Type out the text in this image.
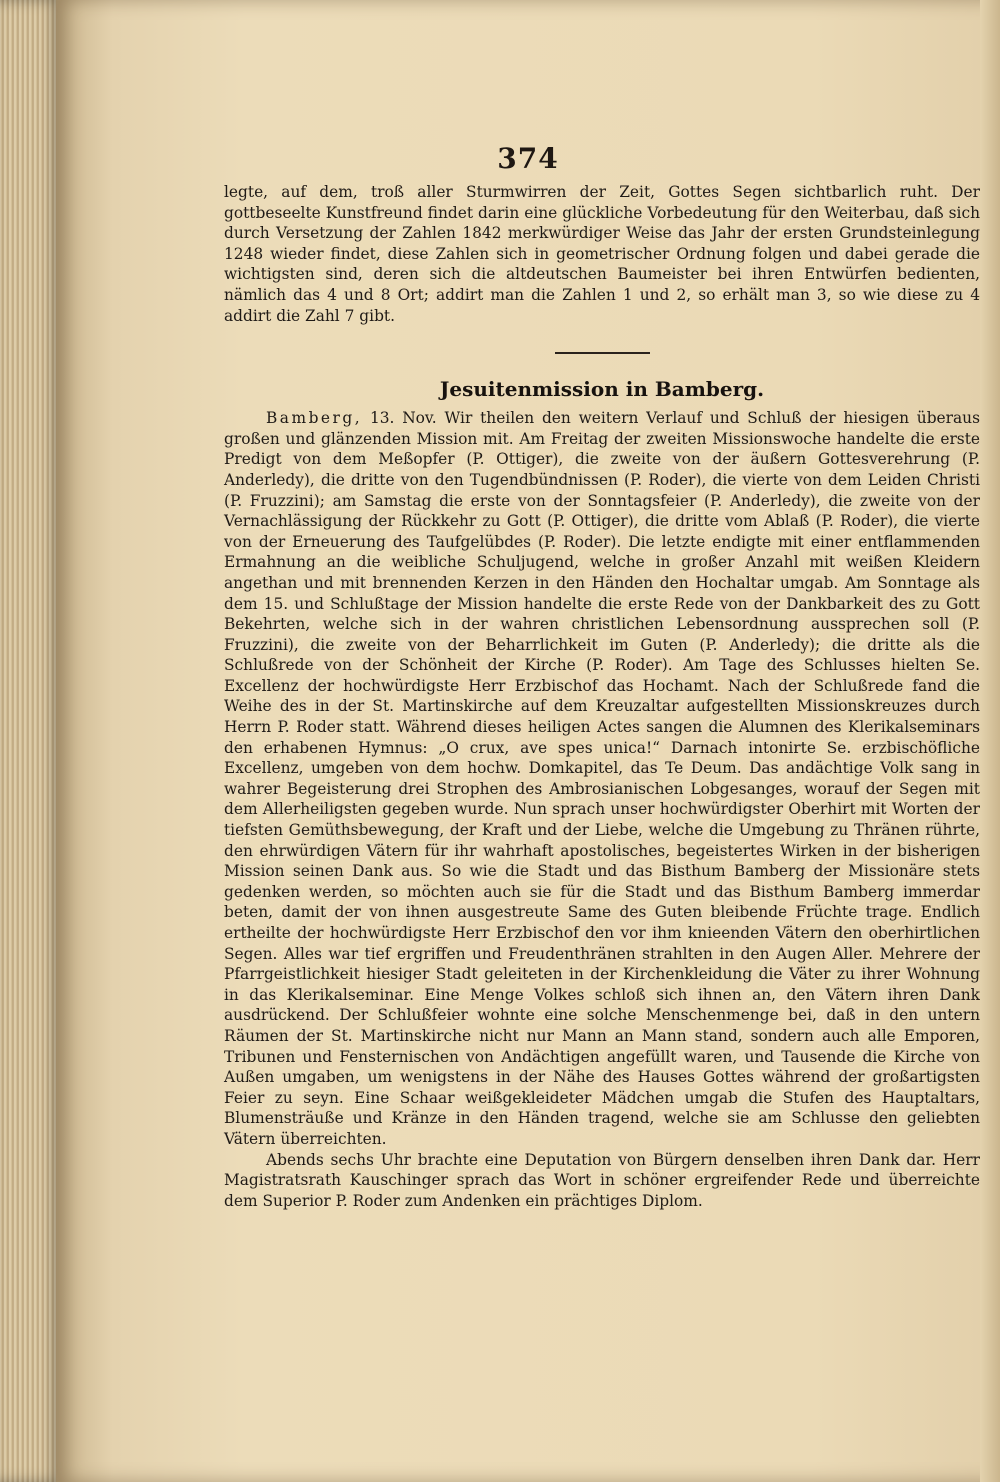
374

legte, auf dem, troß aller Sturmwirren der Zeit, Gottes Segen sichtbarlich ruht. Der gottbeseelte Kunstfreund findet darin eine glückliche Vorbedeutung für den Weiterbau, daß sich durch Versetzung der Zahlen 1842 merkwürdiger Weise das Jahr der ersten Grundsteinlegung 1248 wieder findet, diese Zahlen sich in geometrischer Ordnung folgen und dabei gerade die wichtigsten sind, deren sich die altdeutschen Baumeister bei ihren Entwürfen bedienten, nämlich das 4 und 8 Ort; addirt man die Zahlen 1 und 2, so erhält man 3, so wie diese zu 4 addirt die Zahl 7 gibt.

Jesuitenmission in Bamberg.

Bamberg, 13. Nov. Wir theilen den weitern Verlauf und Schluß der hiesigen überaus großen und glänzenden Mission mit. Am Freitag der zweiten Missionswoche handelte die erste Predigt von dem Meßopfer (P. Ottiger), die zweite von der äußern Gottesverehrung (P. Anderledy), die dritte von den Tugendbündnissen (P. Roder), die vierte von dem Leiden Christi (P. Fruzzini); am Samstag die erste von der Sonntagsfeier (P. Anderledy), die zweite von der Vernachlässigung der Rückkehr zu Gott (P. Ottiger), die dritte vom Ablaß (P. Roder), die vierte von der Erneuerung des Taufgelübdes (P. Roder). Die letzte endigte mit einer entflammenden Ermahnung an die weibliche Schuljugend, welche in großer Anzahl mit weißen Kleidern angethan und mit brennenden Kerzen in den Händen den Hochaltar umgab. Am Sonntage als dem 15. und Schlußtage der Mission handelte die erste Rede von der Dankbarkeit des zu Gott Bekehrten, welche sich in der wahren christlichen Lebensordnung aussprechen soll (P. Fruzzini), die zweite von der Beharrlichkeit im Guten (P. Anderledy); die dritte als die Schlußrede von der Schönheit der Kirche (P. Roder). Am Tage des Schlusses hielten Se. Excellenz der hochwürdigste Herr Erzbischof das Hochamt. Nach der Schlußrede fand die Weihe des in der St. Martinskirche auf dem Kreuzaltar aufgestellten Missionskreuzes durch Herrn P. Roder statt. Während dieses heiligen Actes sangen die Alumnen des Klerikalseminars den erhabenen Hymnus: „O crux, ave spes unica!“ Darnach intonirte Se. erzbischöfliche Excellenz, umgeben von dem hochw. Domkapitel, das Te Deum. Das andächtige Volk sang in wahrer Begeisterung drei Strophen des Ambrosianischen Lobgesanges, worauf der Segen mit dem Allerheiligsten gegeben wurde. Nun sprach unser hochwürdigster Oberhirt mit Worten der tiefsten Gemüthsbewegung, der Kraft und der Liebe, welche die Umgebung zu Thränen rührte, den ehrwürdigen Vätern für ihr wahrhaft apostolisches, begeistertes Wirken in der bisherigen Mission seinen Dank aus. So wie die Stadt und das Bisthum Bamberg der Missionäre stets gedenken werden, so möchten auch sie für die Stadt und das Bisthum Bamberg immerdar beten, damit der von ihnen ausgestreute Same des Guten bleibende Früchte trage. Endlich ertheilte der hochwürdigste Herr Erzbischof den vor ihm knieenden Vätern den oberhirtlichen Segen. Alles war tief ergriffen und Freudenthränen strahlten in den Augen Aller. Mehrere der Pfarrgeistlichkeit hiesiger Stadt geleiteten in der Kirchenkleidung die Väter zu ihrer Wohnung in das Klerikalseminar. Eine Menge Volkes schloß sich ihnen an, den Vätern ihren Dank ausdrückend. Der Schlußfeier wohnte eine solche Menschenmenge bei, daß in den untern Räumen der St. Martinskirche nicht nur Mann an Mann stand, sondern auch alle Emporen, Tribunen und Fensternischen von Andächtigen angefüllt waren, und Tausende die Kirche von Außen umgaben, um wenigstens in der Nähe des Hauses Gottes während der großartigsten Feier zu seyn. Eine Schaar weißgekleideter Mädchen umgab die Stufen des Hauptaltars, Blumensträuße und Kränze in den Händen tragend, welche sie am Schlusse den geliebten Vätern überreichten.

Abends sechs Uhr brachte eine Deputation von Bürgern denselben ihren Dank dar. Herr Magistratsrath Kauschinger sprach das Wort in schöner ergreifender Rede und überreichte dem Superior P. Roder zum Andenken ein prächtiges Diplom.
